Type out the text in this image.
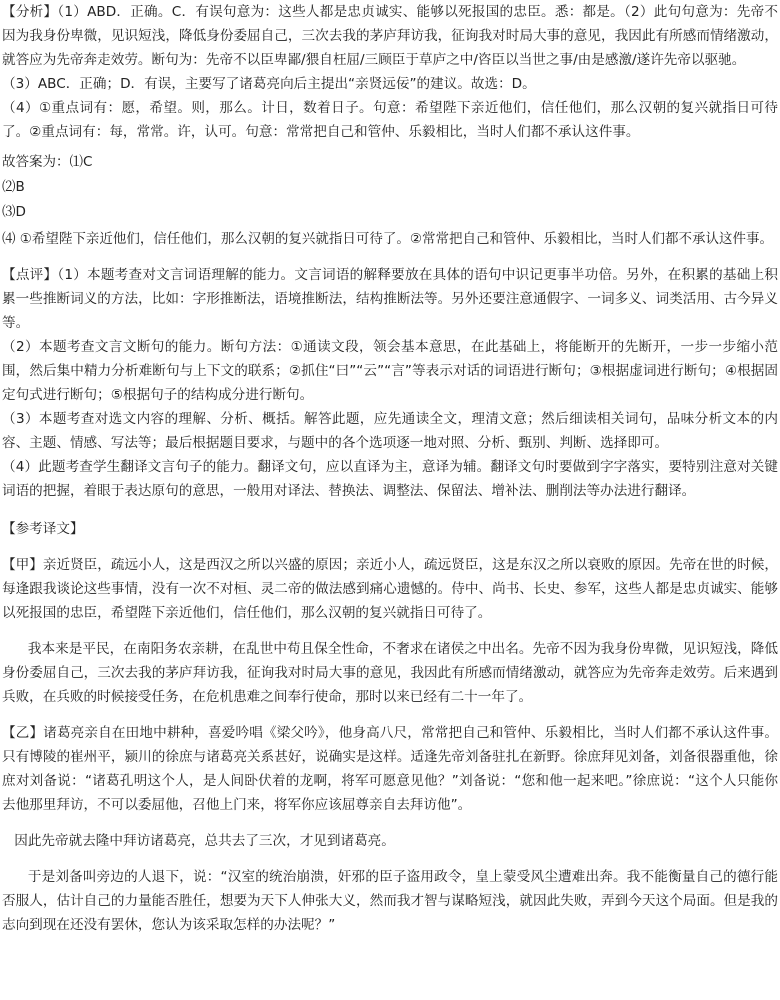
【分析】（1）ABD．正确。C．有误句意为：这些人都是忠贞诚实、能够以死报国的忠臣。悉：都是。（2）此句句意为：先帝不因为我身份卑微，见识短浅，降低身份委屈自己，三次去我的茅庐拜访我，征询我对时局大事的意见，我因此有所感而情绪激动，就答应为先帝奔走效劳。断句为：先帝不以臣卑鄙/猥自枉屈/三顾臣于草庐之中/咨臣以当世之事/由是感激/遂许先帝以驱驰。

（3）ABC．正确；D．有误，主要写了诸葛亮向后主提出“亲贤远佞”的建议。故选：D。

（4）①重点词有：愿，希望。则，那么。计日，数着日子。句意：希望陛下亲近他们，信任他们，那么汉朝的复兴就指日可待了。②重点词有：每，常常。许，认可。句意：常常把自己和管仲、乐毅相比，当时人们都不承认这件事。

故答案为：⑴C

⑵B

⑶D

⑷ ①希望陛下亲近他们，信任他们，那么汉朝的复兴就指日可待了。②常常把自己和管仲、乐毅相比，当时人们都不承认这件事。

【点评】（1）本题考查对文言词语理解的能力。文言词语的解释要放在具体的语句中识记更事半功倍。另外，在积累的基础上积累一些推断词义的方法，比如：字形推断法，语境推断法，结构推断法等。另外还要注意通假字、一词多义、词类活用、古今异义等。

（2）本题考查文言文断句的能力。断句方法：①通读文段，领会基本意思，在此基础上，将能断开的先断开，一步一步缩小范围，然后集中精力分析难断句与上下文的联系；②抓住“曰”“云”“言”等表示对话的词语进行断句；③根据虚词进行断句；④根据固定句式进行断句；⑤根据句子的结构成分进行断句。

（3）本题考查对选文内容的理解、分析、概括。解答此题，应先通读全文，理清文意；然后细读相关词句，品味分析文本的内容、主题、情感、写法等；最后根据题目要求，与题中的各个选项逐一地对照、分析、甄别、判断、选择即可。

（4）此题考查学生翻译文言句子的能力。翻译文句，应以直译为主，意译为辅。翻译文句时要做到字字落实，要特别注意对关键词语的把握，着眼于表达原句的意思，一般用对译法、替换法、调整法、保留法、增补法、删削法等办法进行翻译。

【参考译文】

【甲】亲近贤臣，疏远小人，这是西汉之所以兴盛的原因；亲近小人，疏远贤臣，这是东汉之所以衰败的原因。先帝在世的时候，每逢跟我谈论这些事情，没有一次不对桓、灵二帝的做法感到痛心遗憾的。侍中、尚书、长史、参军，这些人都是忠贞诚实、能够以死报国的忠臣，希望陛下亲近他们，信任他们，那么汉朝的复兴就指日可待了。

我本来是平民，在南阳务农亲耕，在乱世中苟且保全性命，不奢求在诸侯之中出名。先帝不因为我身份卑微，见识短浅，降低身份委屈自己，三次去我的茅庐拜访我，征询我对时局大事的意见，我因此有所感而情绪激动，就答应为先帝奔走效劳。后来遇到兵败，在兵败的时候接受任务，在危机患难之间奉行使命，那时以来已经有二十一年了。

【乙】诸葛亮亲自在田地中耕种，喜爱吟唱《梁父吟》，他身高八尺，常常把自己和管仲、乐毅相比，当时人们都不承认这件事。只有博陵的崔州平，颍川的徐庶与诸葛亮关系甚好，说确实是这样。适逢先帝刘备驻扎在新野。徐庶拜见刘备，刘备很器重他，徐庶对刘备说：“诸葛孔明这个人，是人间卧伏着的龙啊，将军可愿意见他？”刘备说：“您和他一起来吧。”徐庶说：“这个人只能你去他那里拜访，不可以委屈他，召他上门来，将军你应该屈尊亲自去拜访他”。

因此先帝就去隆中拜访诸葛亮，总共去了三次，才见到诸葛亮。

于是刘备叫旁边的人退下，说：“汉室的统治崩溃，奸邪的臣子盗用政令，皇上蒙受风尘遭难出奔。我不能衡量自己的德行能否服人，估计自己的力量能否胜任，想要为天下人伸张大义，然而我才智与谋略短浅，就因此失败，弄到今天这个局面。但是我的志向到现在还没有罢休，您认为该采取怎样的办法呢？”
